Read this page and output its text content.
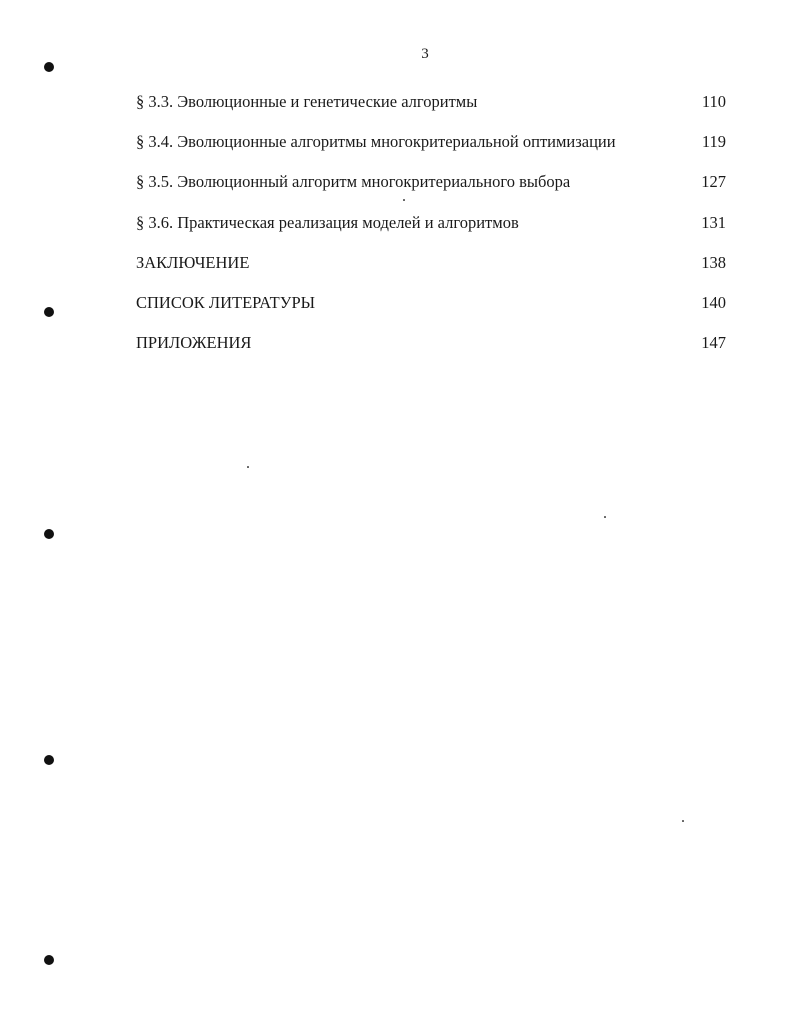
3
§ 3.3. Эволюционные и генетические алгоритмы	110
§ 3.4. Эволюционные алгоритмы многокритериальной оптимизации	119
§ 3.5. Эволюционный алгоритм многокритериального выбора	127
§ 3.6. Практическая реализация моделей и алгоритмов	131
ЗАКЛЮЧЕНИЕ	138
СПИСОК ЛИТЕРАТУРЫ	140
ПРИЛОЖЕНИЯ	147
